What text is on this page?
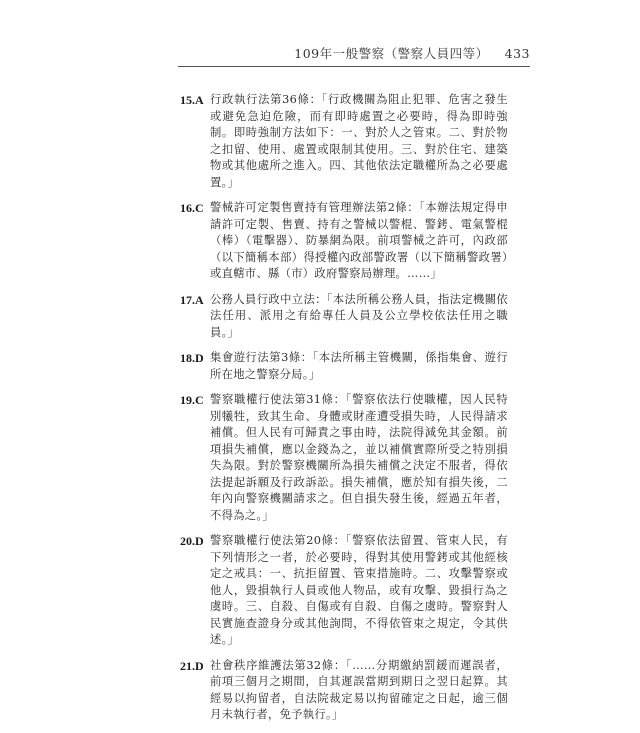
109年一般警察（警察人員四等） 433
15.A 行政執行法第36條：「行政機關為阻止犯罪、危害之發生或避免急迫危險，而有即時處置之必要時，得為即時強制。即時強制方法如下：一、對於人之管束。二、對於物之扣留、使用、處置或限制其使用。三、對於住宅、建築物或其他處所之進入。四、其他依法定職權所為之必要處置。」
16.C 警械許可定製售賣持有管理辦法第2條：「本辦法規定得申請許可定製、售賣、持有之警械以警棍、警銬、電氣警棍（棒）（電擊器）、防暴網為限。前項警械之許可，內政部（以下簡稱本部）得授權內政部警政署（以下簡稱警政署）或直轄市、縣（市）政府警察局辦理。……」
17.A 公務人員行政中立法：「本法所稱公務人員，指法定機關依法任用、派用之有給專任人員及公立學校依法任用之職員。」
18.D 集會遊行法第3條：「本法所稱主管機關，係指集會、遊行所在地之警察分局。」
19.C 警察職權行使法第31條：「警察依法行使職權，因人民特別犧牲，致其生命、身體或財產遭受損失時，人民得請求補償。但人民有可歸責之事由時，法院得減免其金額。前項損失補償，應以金錢為之，並以補償實際所受之特別損失為限。對於警察機關所為損失補償之決定不服者，得依法提起訴願及行政訴訟。損失補償，應於知有損失後，二年內向警察機關請求之。但自損失發生後，經過五年者，不得為之。」
20.D 警察職權行使法第20條：「警察依法留置、管束人民，有下列情形之一者，於必要時，得對其使用警銬或其他經核定之戒具：一、抗拒留置、管束措施時。二、攻擊警察或他人，毀損執行人員或他人物品，或有攻擊、毀損行為之虞時。三、自殺、自傷或有自殺、自傷之虞時。警察對人民實施查證身分或其他詢問，不得依管束之規定，令其供述。」
21.D 社會秩序維護法第32條：「……分期繳納罰鍰而遲誤者，前項三個月之期間，自其遲誤當期到期日之翌日起算。其經易以拘留者，自法院裁定易以拘留確定之日起，逾三個月未執行者，免予執行。」
